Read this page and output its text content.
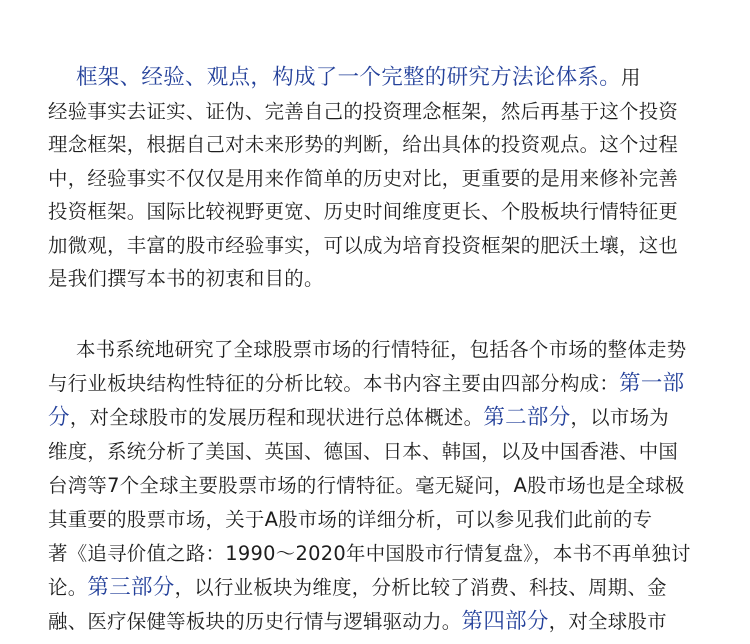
框架、经验、观点，构成了一个完整的研究方法论体系。用
经验事实去证实、证伪、完善自己的投资理念框架，然后再基于这个投资
理念框架，根据自己对未来形势的判断，给出具体的投资观点。这个过程
中，经验事实不仅仅是用来作简单的历史对比，更重要的是用来修补完善
投资框架。国际比较视野更宽、历史时间维度更长、个股板块行情特征更
加微观，丰富的股市经验事实，可以成为培育投资框架的肥沃土壤，这也
是我们撰写本书的初衷和目的。
本书系统地研究了全球股票市场的行情特征，包括各个市场的整体走势
与行业板块结构性特征的分析比较。本书内容主要由四部分构成：第一部
分，对全球股市的发展历程和现状进行总体概述。第二部分，以市场为
维度，系统分析了美国、英国、德国、日本、韩国，以及中国香港、中国
台湾等7个全球主要股票市场的行情特征。毫无疑问，A股市场也是全球极
其重要的股票市场，关于A股市场的详细分析，可以参见我们此前的专
著《追寻价值之路：1990～2020年中国股市行情复盘》，本书不再单独讨
论。第三部分，以行业板块为维度，分析比较了消费、科技、周期、金
融、医疗保健等板块的历史行情与逻辑驱动力。第四部分，对全球股市
